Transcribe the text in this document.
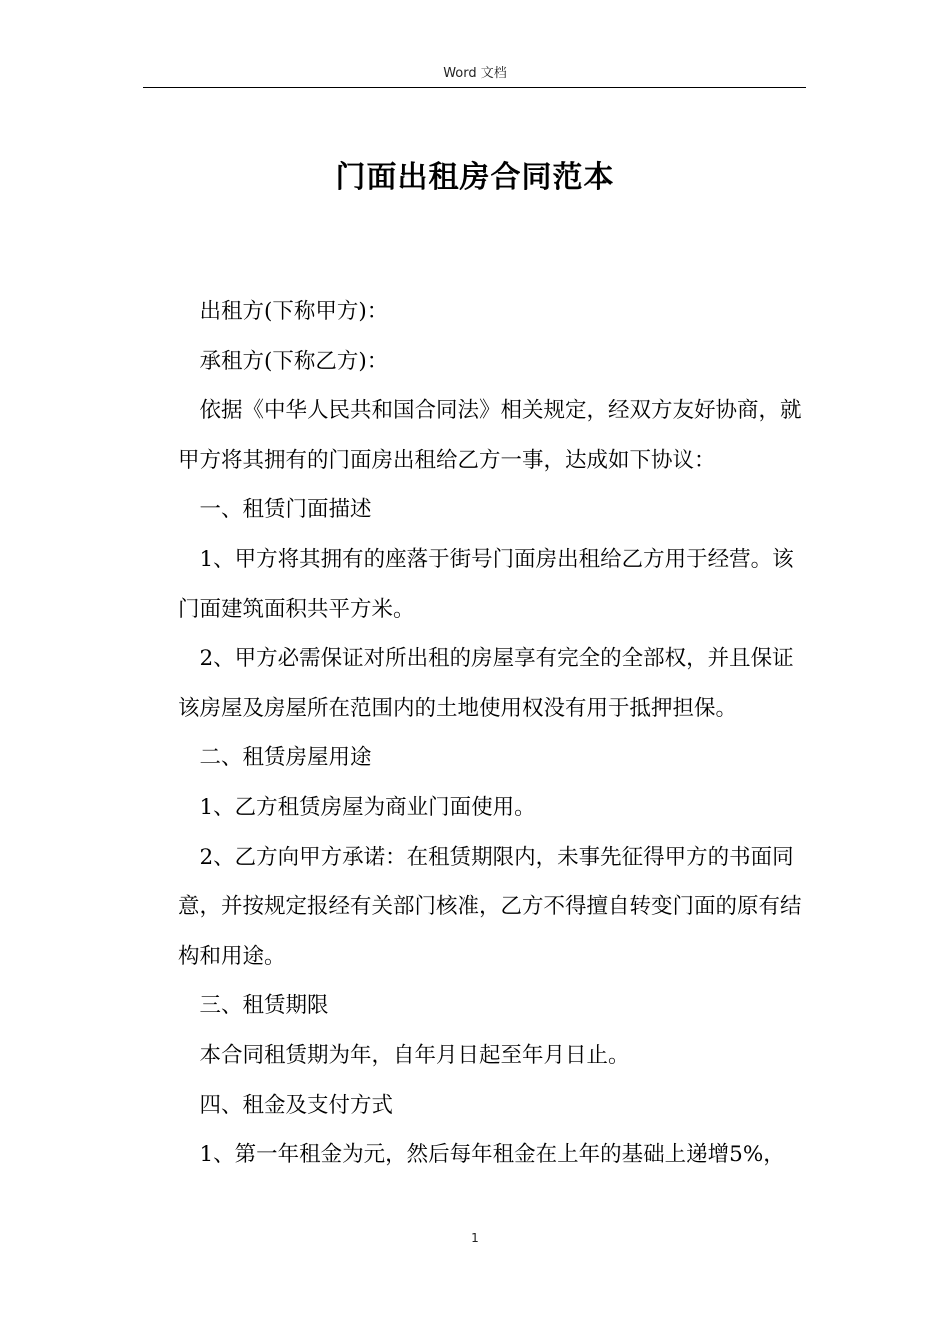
Word 文档
门面出租房合同范本

出租方(下称甲方)：

承租方(下称乙方)：

依据《中华人民共和国合同法》相关规定，经双方友好协商，就甲方将其拥有的门面房出租给乙方一事，达成如下协议：

一、租赁门面描述

1、甲方将其拥有的座落于街号门面房出租给乙方用于经营。该门面建筑面积共平方米。

2、甲方必需保证对所出租的房屋享有完全的全部权，并且保证该房屋及房屋所在范围内的土地使用权没有用于抵押担保。

二、租赁房屋用途

1、乙方租赁房屋为商业门面使用。

2、乙方向甲方承诺：在租赁期限内，未事先征得甲方的书面同意，并按规定报经有关部门核准，乙方不得擅自转变门面的原有结构和用途。

三、租赁期限

本合同租赁期为年，自年月日起至年月日止。

四、租金及支付方式

1、第一年租金为元，然后每年租金在上年的基础上递增5%，

1
